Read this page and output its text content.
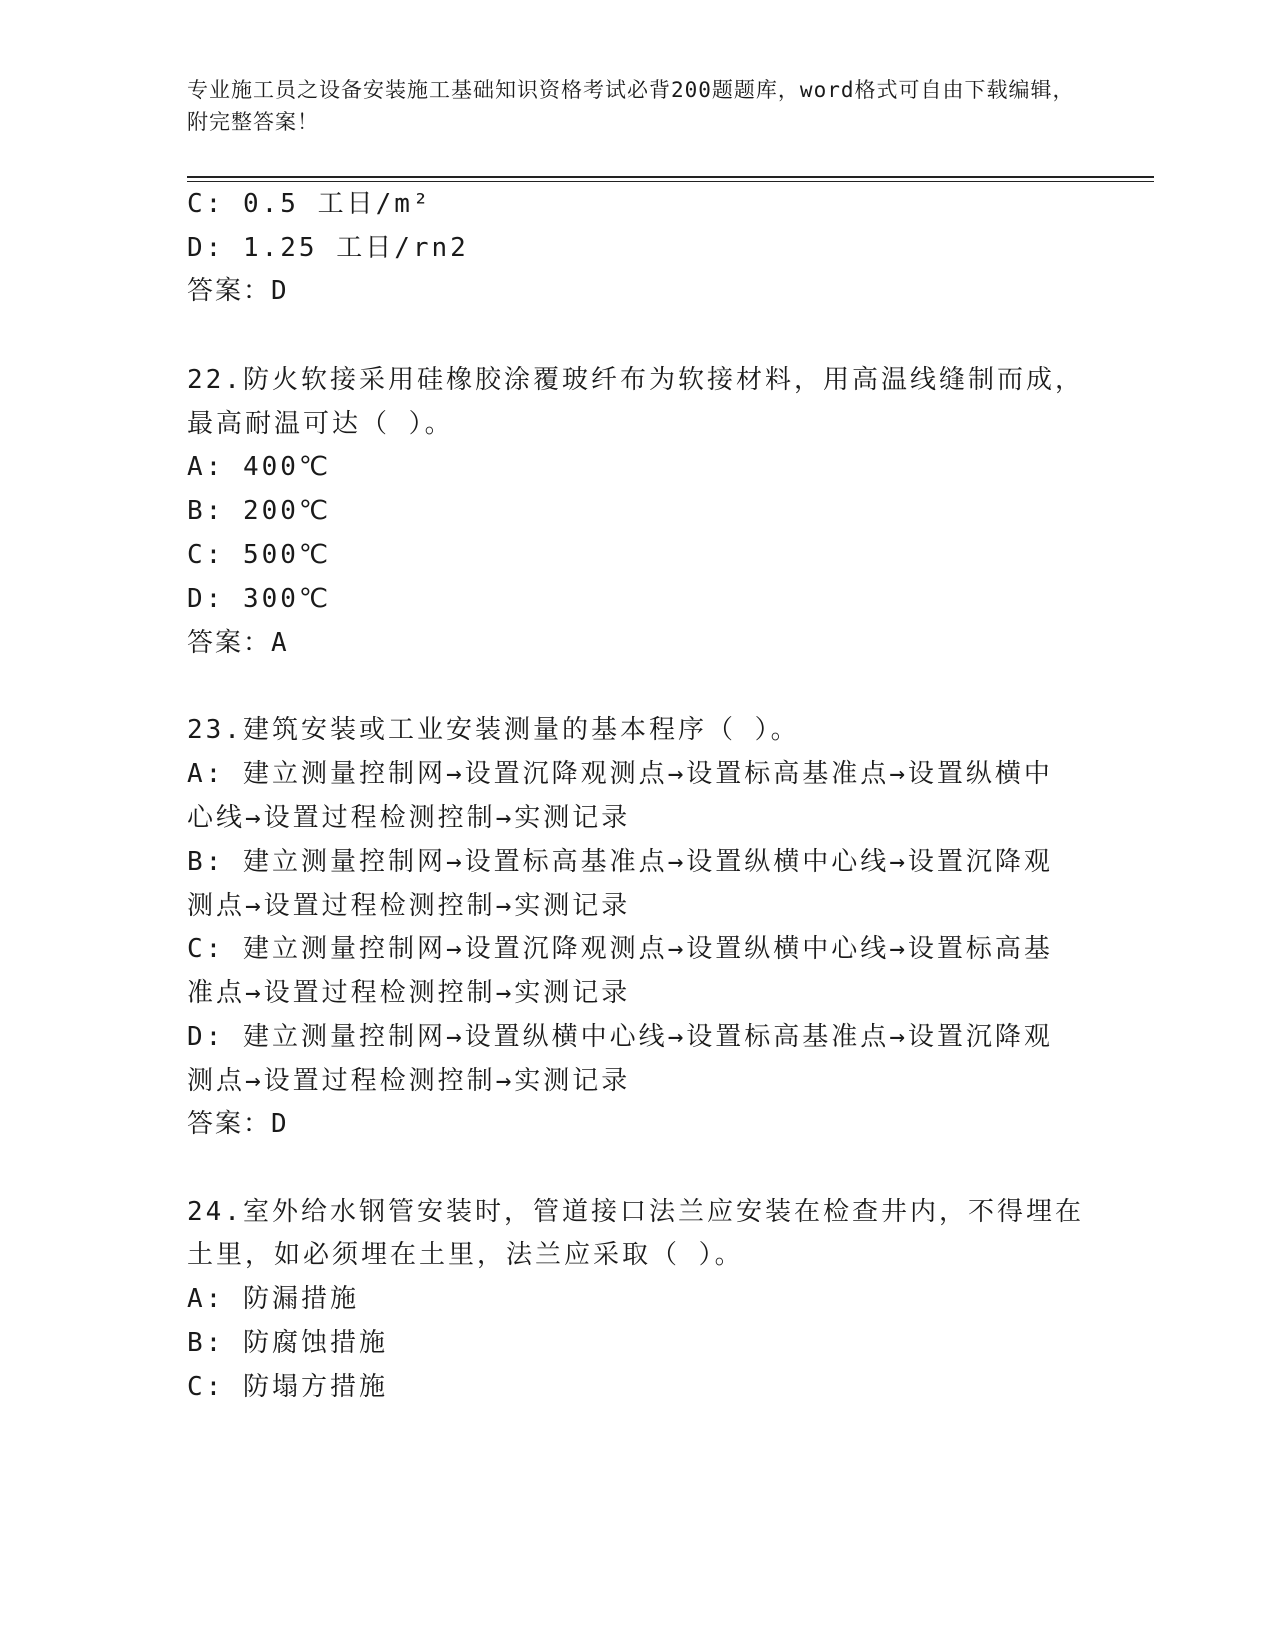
专业施工员之设备安装施工基础知识资格考试必背200题题库，word格式可自由下载编辑，附完整答案！
C: 0.5 工日/m²
D: 1.25 工日/rn2
答案：D
22.防火软接采用硅橡胶涂覆玻纤布为软接材料，用高温线缝制而成，
最高耐温可达（ ）。
A: 400℃
B: 200℃
C: 500℃
D: 300℃
答案：A
23.建筑安装或工业安装测量的基本程序（ ）。
A: 建立测量控制网→设置沉降观测点→设置标高基准点→设置纵横中
心线→设置过程检测控制→实测记录
B: 建立测量控制网→设置标高基准点→设置纵横中心线→设置沉降观
测点→设置过程检测控制→实测记录
C: 建立测量控制网→设置沉降观测点→设置纵横中心线→设置标高基
准点→设置过程检测控制→实测记录
D: 建立测量控制网→设置纵横中心线→设置标高基准点→设置沉降观
测点→设置过程检测控制→实测记录
答案：D
24.室外给水钢管安装时，管道接口法兰应安装在检查井内，不得埋在
土里，如必须埋在土里，法兰应采取（ ）。
A: 防漏措施
B: 防腐蚀措施
C: 防塌方措施
